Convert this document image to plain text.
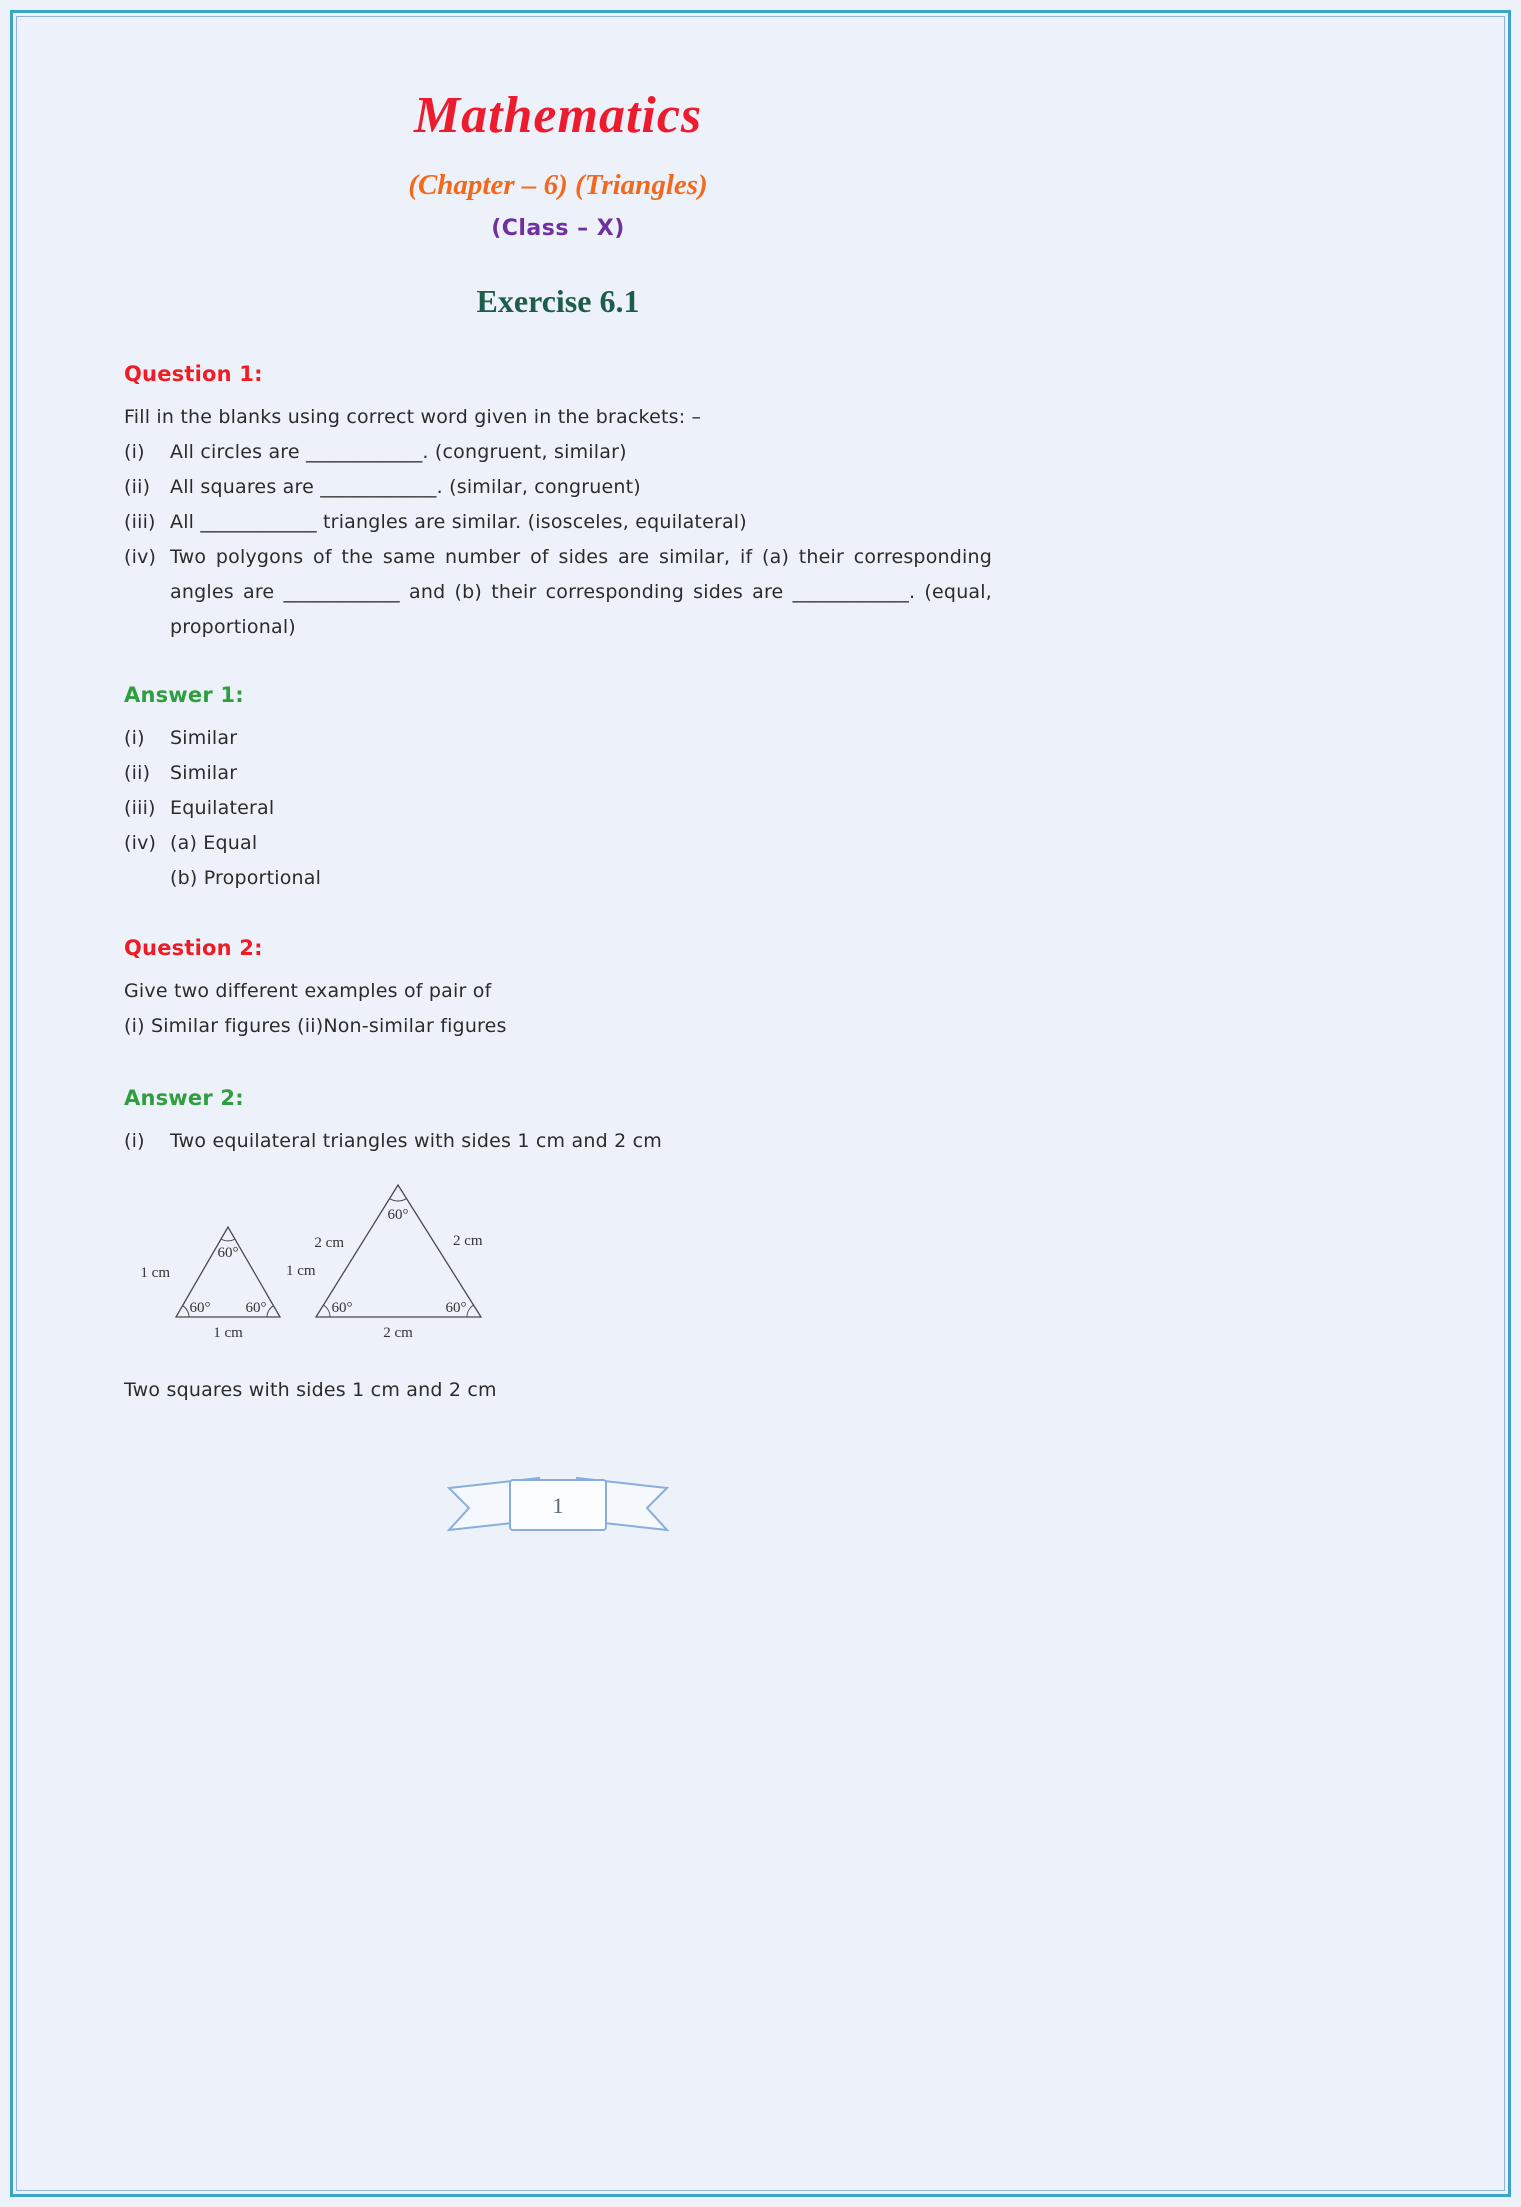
Mathematics
(Chapter – 6) (Triangles)
(Class – X)
Exercise 6.1
Question 1:
Fill in the blanks using correct word given in the brackets: –
(i)	All circles are ____________. (congruent, similar)
(ii)	All squares are ____________. (similar, congruent)
(iii) All ____________ triangles are similar. (isosceles, equilateral)
(iv) Two polygons of the same number of sides are similar, if (a) their corresponding angles are ____________ and (b) their corresponding sides are ____________. (equal, proportional)
Answer 1:
(i)	Similar
(ii)	Similar
(iii) Equilateral
(iv) (a) Equal
(b) Proportional
Question 2:
Give two different examples of pair of
(i) Similar figures (ii)Non-similar figures
Answer 2:
(i)	Two equilateral triangles with sides 1 cm and 2 cm
1 cm	1 cm
1 cm
60°
60° 60°
2 cm	2 cm
2 cm
60°
60°	60°
Two squares with sides 1 cm and 2 cm
1
